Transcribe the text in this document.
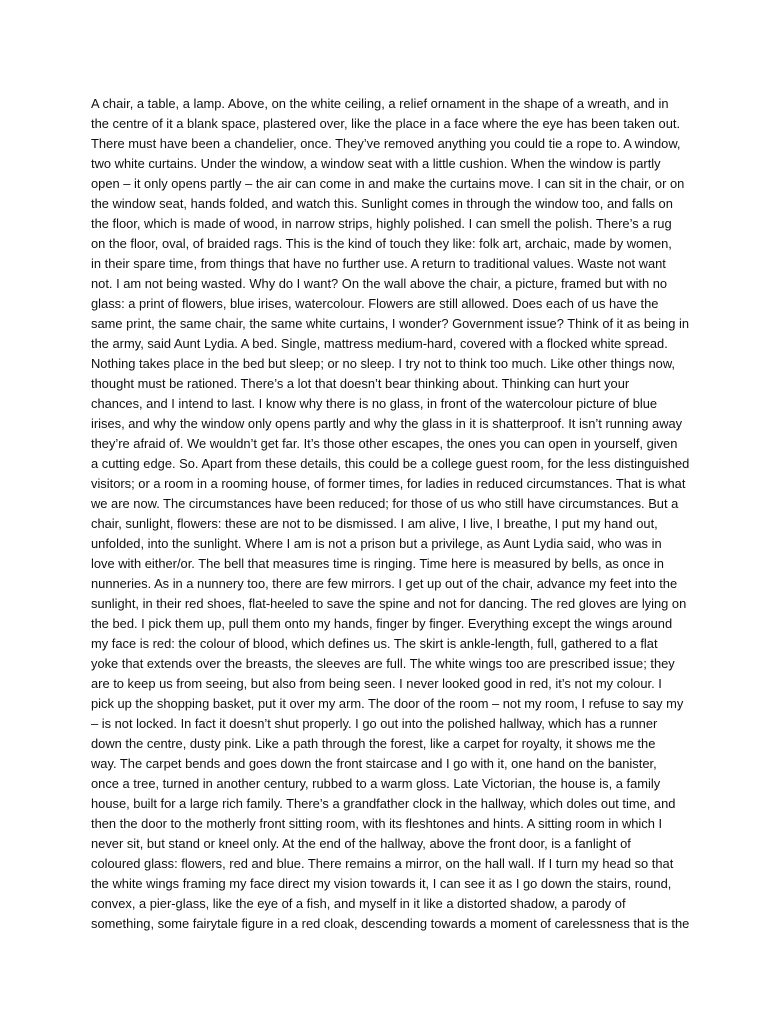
A chair, a table, a lamp. Above, on the white ceiling, a relief ornament in the shape of a wreath, and in
the centre of it a blank space, plastered over, like the place in a face where the eye has been taken out.
There must have been a chandelier, once. They’ve removed anything you could tie a rope to. A window,
two white curtains. Under the window, a window seat with a little cushion. When the window is partly
open – it only opens partly – the air can come in and make the curtains move. I can sit in the chair, or on
the window seat, hands folded, and watch this. Sunlight comes in through the window too, and falls on
the floor, which is made of wood, in narrow strips, highly polished. I can smell the polish. There’s a rug
on the floor, oval, of braided rags. This is the kind of touch they like: folk art, archaic, made by women,
in their spare time, from things that have no further use. A return to traditional values. Waste not want
not. I am not being wasted. Why do I want? On the wall above the chair, a picture, framed but with no
glass: a print of flowers, blue irises, watercolour. Flowers are still allowed. Does each of us have the
same print, the same chair, the same white curtains, I wonder? Government issue? Think of it as being in
the army, said Aunt Lydia. A bed. Single, mattress medium-hard, covered with a flocked white spread.
Nothing takes place in the bed but sleep; or no sleep. I try not to think too much. Like other things now,
thought must be rationed. There’s a lot that doesn’t bear thinking about. Thinking can hurt your
chances, and I intend to last. I know why there is no glass, in front of the watercolour picture of blue
irises, and why the window only opens partly and why the glass in it is shatterproof. It isn’t running away
they’re afraid of. We wouldn’t get far. It’s those other escapes, the ones you can open in yourself, given
a cutting edge. So. Apart from these details, this could be a college guest room, for the less distinguished
visitors; or a room in a rooming house, of former times, for ladies in reduced circumstances. That is what
we are now. The circumstances have been reduced; for those of us who still have circumstances. But a
chair, sunlight, flowers: these are not to be dismissed. I am alive, I live, I breathe, I put my hand out,
unfolded, into the sunlight. Where I am is not a prison but a privilege, as Aunt Lydia said, who was in
love with either/or. The bell that measures time is ringing. Time here is measured by bells, as once in
nunneries. As in a nunnery too, there are few mirrors. I get up out of the chair, advance my feet into the
sunlight, in their red shoes, flat-heeled to save the spine and not for dancing. The red gloves are lying on
the bed. I pick them up, pull them onto my hands, finger by finger. Everything except the wings around
my face is red: the colour of blood, which defines us. The skirt is ankle-length, full, gathered to a flat
yoke that extends over the breasts, the sleeves are full. The white wings too are prescribed issue; they
are to keep us from seeing, but also from being seen. I never looked good in red, it’s not my colour. I
pick up the shopping basket, put it over my arm. The door of the room – not my room, I refuse to say my
– is not locked. In fact it doesn’t shut properly. I go out into the polished hallway, which has a runner
down the centre, dusty pink. Like a path through the forest, like a carpet for royalty, it shows me the
way. The carpet bends and goes down the front staircase and I go with it, one hand on the banister,
once a tree, turned in another century, rubbed to a warm gloss. Late Victorian, the house is, a family
house, built for a large rich family. There’s a grandfather clock in the hallway, which doles out time, and
then the door to the motherly front sitting room, with its fleshtones and hints. A sitting room in which I
never sit, but stand or kneel only. At the end of the hallway, above the front door, is a fanlight of
coloured glass: flowers, red and blue. There remains a mirror, on the hall wall. If I turn my head so that
the white wings framing my face direct my vision towards it, I can see it as I go down the stairs, round,
convex, a pier-glass, like the eye of a fish, and myself in it like a distorted shadow, a parody of
something, some fairytale figure in a red cloak, descending towards a moment of carelessness that is the
